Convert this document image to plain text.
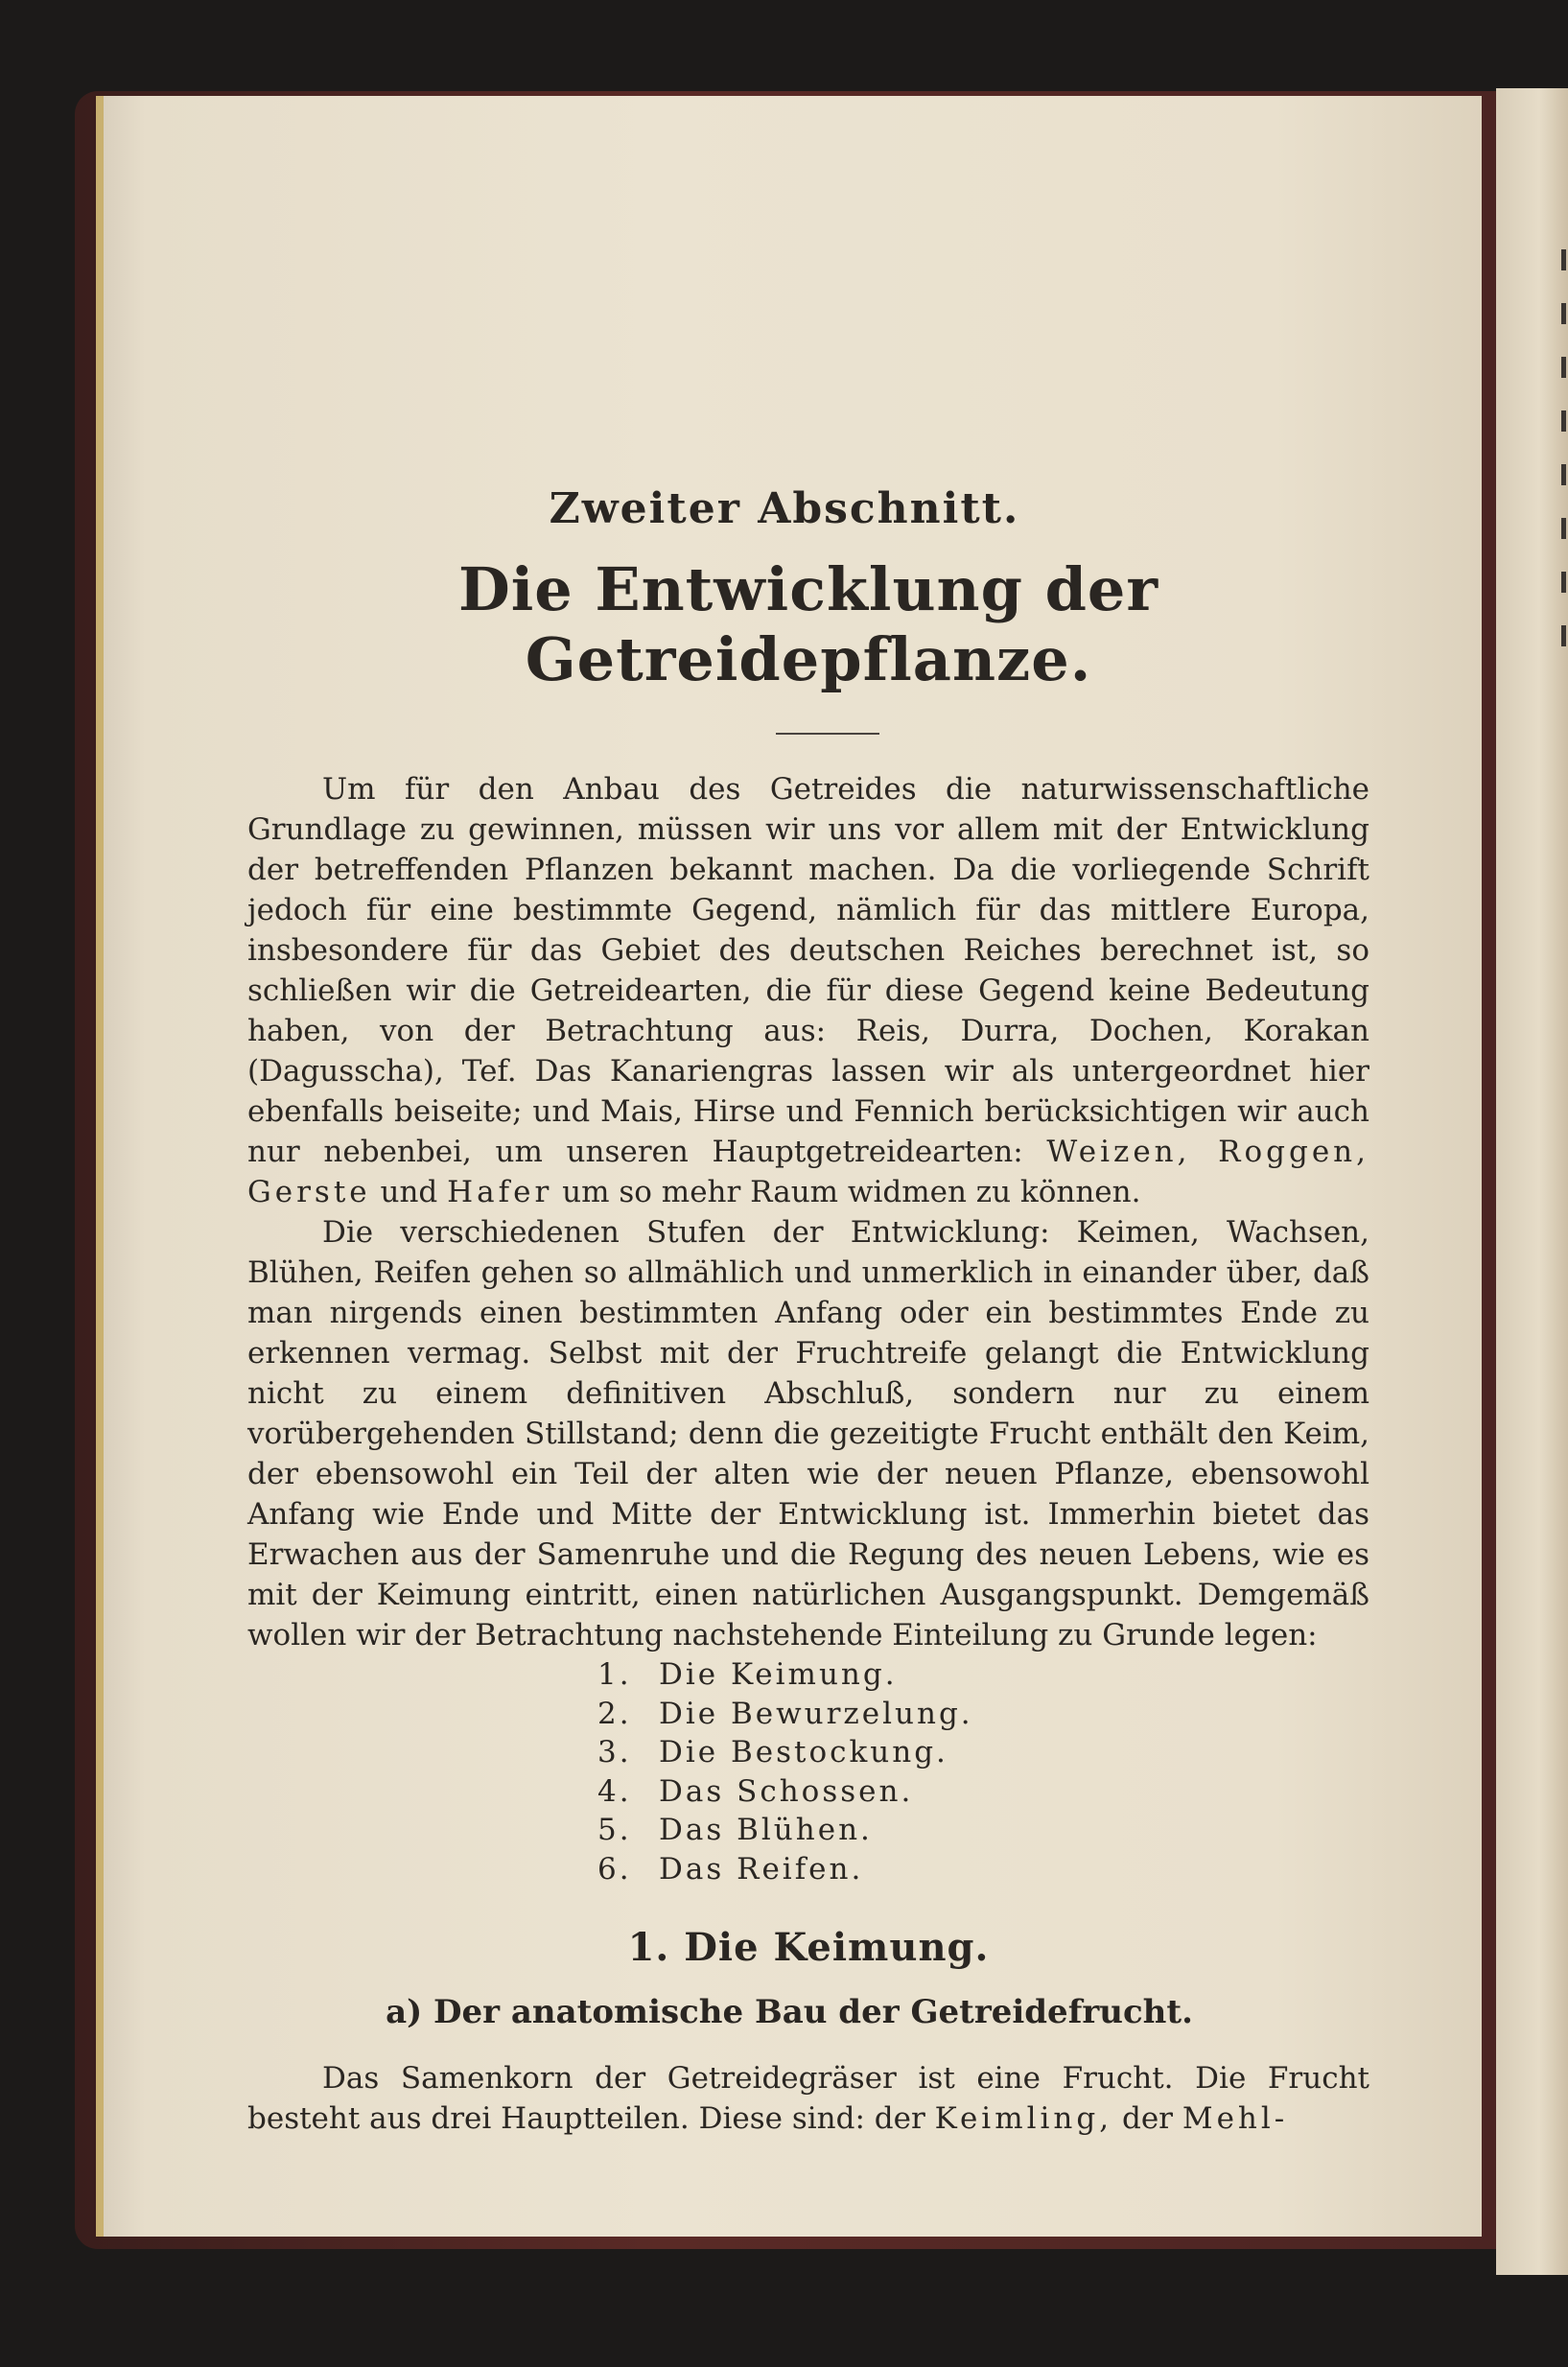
Zweiter Abschnitt.
Die Entwicklung der Getreidepflanze.

Um für den Anbau des Getreides die naturwissenschaftliche Grundlage zu gewinnen, müssen wir uns vor allem mit der Entwicklung der betreffenden Pflanzen bekannt machen. Da die vorliegende Schrift jedoch für eine bestimmte Gegend, nämlich für das mittlere Europa, insbesondere für das Gebiet des deutschen Reiches berechnet ist, so schließen wir die Getreidearten, die für diese Gegend keine Bedeutung haben, von der Betrachtung aus: Reis, Durra, Dochen, Korakan (Dagusscha), Tef. Das Kanariengras lassen wir als untergeordnet hier ebenfalls beiseite; und Mais, Hirse und Fennich berücksichtigen wir auch nur nebenbei, um unseren Hauptgetreidearten: Weizen, Roggen, Gerste und Hafer um so mehr Raum widmen zu können.

Die verschiedenen Stufen der Entwicklung: Keimen, Wachsen, Blühen, Reifen gehen so allmählich und unmerklich in einander über, daß man nirgends einen bestimmten Anfang oder ein bestimmtes Ende zu erkennen vermag. Selbst mit der Fruchtreife gelangt die Entwicklung nicht zu einem definitiven Abschluß, sondern nur zu einem vorübergehenden Stillstand; denn die gezeitigte Frucht enthält den Keim, der ebensowohl ein Teil der alten wie der neuen Pflanze, ebensowohl Anfang wie Ende und Mitte der Entwicklung ist. Immerhin bietet das Erwachen aus der Samenruhe und die Regung des neuen Lebens, wie es mit der Keimung eintritt, einen natürlichen Ausgangspunkt. Demgemäß wollen wir der Betrachtung nachstehende Einteilung zu Grunde legen:

1. Die Keimung.
2. Die Bewurzelung.
3. Die Bestockung.
4. Das Schossen.
5. Das Blühen.
6. Das Reifen.
1. Die Keimung.
a) Der anatomische Bau der Getreidefrucht.

Das Samenkorn der Getreidegräser ist eine Frucht. Die Frucht besteht aus drei Hauptteilen. Diese sind: der Keimling, der Mehl-
